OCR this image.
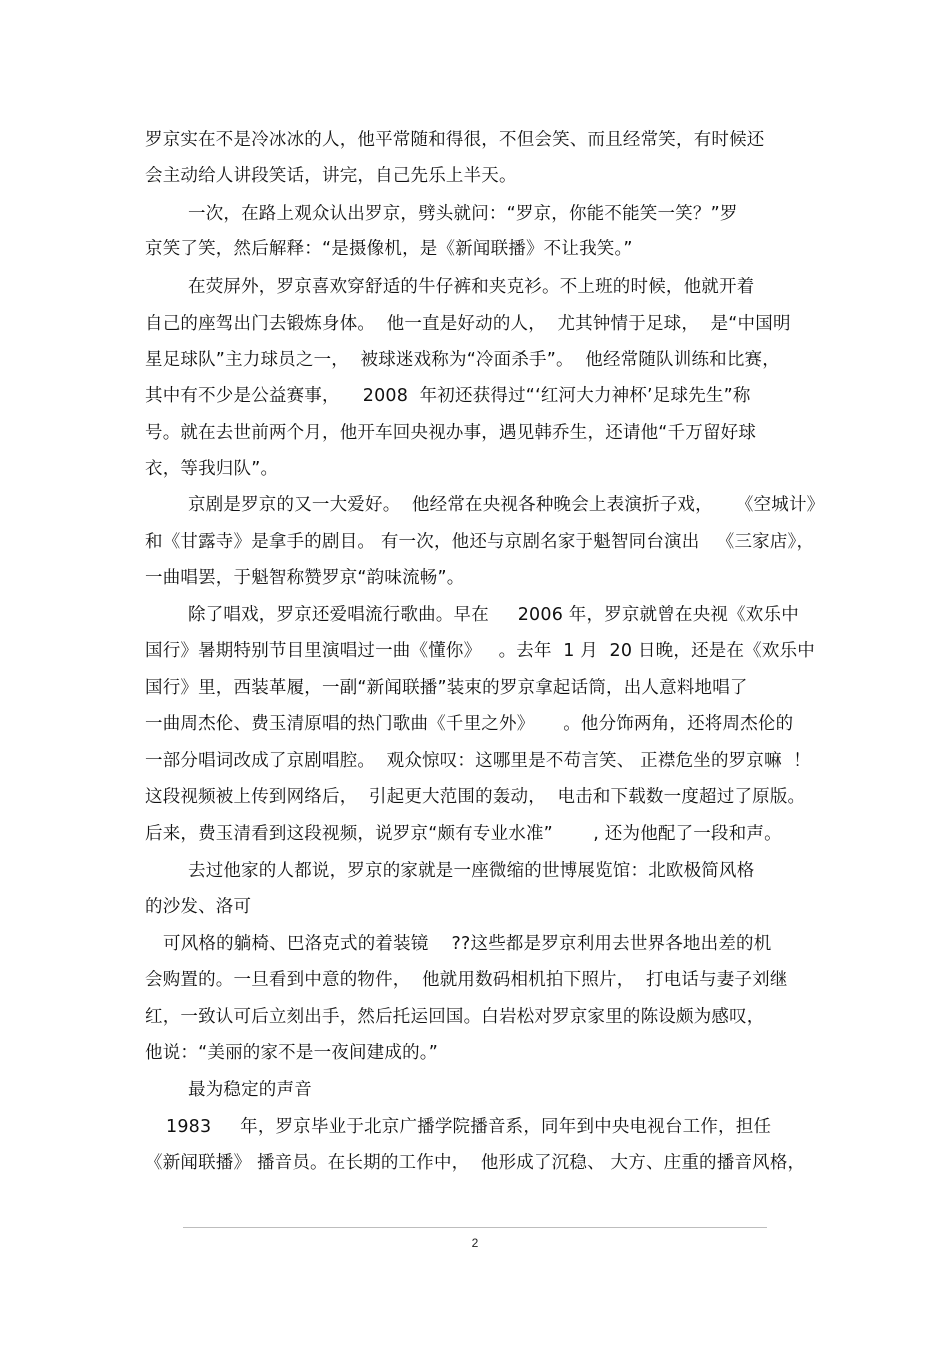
罗京实在不是冷冰冰的人，他平常随和得很，不但会笑、而且经常笑，有时候还
会主动给人讲段笑话，讲完，自己先乐上半天。
一次，在路上观众认出罗京，劈头就问：“罗京，你能不能笑一笑？”罗
京笑了笑，然后解释：“是摄像机，是《新闻联播》不让我笑。”
在荧屏外，罗京喜欢穿舒适的牛仔裤和夹克衫。不上班的时候，他就开着
自己的座驾出门去锻炼身体。  他一直是好动的人，  尤其钟情于足球，  是“中国明
星足球队”主力球员之一，  被球迷戏称为“冷面杀手”。  他经常随队训练和比赛，
其中有不少是公益赛事，    2008  年初还获得过“‘红河大力神杯’足球先生”称
号。就在去世前两个月，他开车回央视办事，遇见韩乔生，还请他“千万留好球
衣，等我归队”。
京剧是罗京的又一大爱好。  他经常在央视各种晚会上表演折子戏，    《空城计》
和《甘露寺》是拿手的剧目。 有一次，他还与京剧名家于魁智同台演出   《三家店》，
一曲唱罢，于魁智称赞罗京“韵味流畅”。
除了唱戏，罗京还爱唱流行歌曲。早在     2006 年，罗京就曾在央视《欢乐中
国行》暑期特别节目里演唱过一曲《懂你》   。去年  1 月  20 日晚，还是在《欢乐中
国行》里，西装革履，一副“新闻联播”装束的罗京拿起话筒，出人意料地唱了
一曲周杰伦、费玉清原唱的热门歌曲《千里之外》     。他分饰两角，还将周杰伦的
一部分唱词改成了京剧唱腔。  观众惊叹：这哪里是不苟言笑、 正襟危坐的罗京嘛  ！
这段视频被上传到网络后，  引起更大范围的轰动，  电击和下载数一度超过了原版。
后来，费玉清看到这段视频，说罗京“颇有专业水准”       , 还为他配了一段和声。
去过他家的人都说，罗京的家就是一座微缩的世博展览馆：北欧极简风格
的沙发、洛可
可风格的躺椅、巴洛克式的着装镜    ??这些都是罗京利用去世界各地出差的机
会购置的。一旦看到中意的物件，  他就用数码相机拍下照片，  打电话与妻子刘继
红，一致认可后立刻出手，然后托运回国。白岩松对罗京家里的陈设颇为感叹，
他说：“美丽的家不是一夜间建成的。”
最为稳定的声音
1983     年，罗京毕业于北京广播学院播音系，同年到中央电视台工作，担任
《新闻联播》 播音员。在长期的工作中，  他形成了沉稳、 大方、庄重的播音风格，
2
